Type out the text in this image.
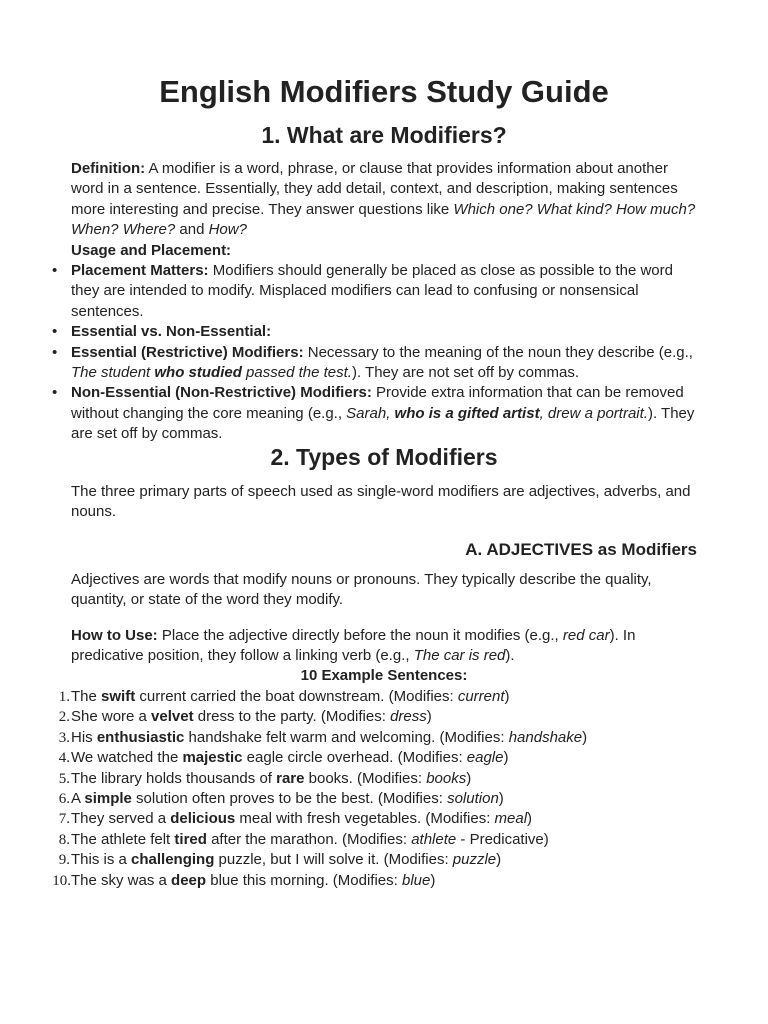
English Modifiers Study Guide
1. What are Modifiers?

Definition: A modifier is a word, phrase, or clause that provides information about another word in a sentence. Essentially, they add detail, context, and description, making sentences more interesting and precise. They answer questions like Which one? What kind? How much? When? Where? and How?

Usage and Placement:

• Placement Matters: Modifiers should generally be placed as close as possible to the word they are intended to modify. Misplaced modifiers can lead to confusing or nonsensical sentences.
• Essential vs. Non-Essential:
• Essential (Restrictive) Modifiers: Necessary to the meaning of the noun they describe (e.g., The student who studied passed the test.). They are not set off by commas.
• Non-Essential (Non-Restrictive) Modifiers: Provide extra information that can be removed without changing the core meaning (e.g., Sarah, who is a gifted artist, drew a portrait.). They are set off by commas.
2. Types of Modifiers

The three primary parts of speech used as single-word modifiers are adjectives, adverbs, and nouns.

A. ADJECTIVES as Modifiers

Adjectives are words that modify nouns or pronouns. They typically describe the quality, quantity, or state of the word they modify.

How to Use: Place the adjective directly before the noun it modifies (e.g., red car). In predicative position, they follow a linking verb (e.g., The car is red).

10 Example Sentences:

1. The swift current carried the boat downstream. (Modifies: current)
2. She wore a velvet dress to the party. (Modifies: dress)
3. His enthusiastic handshake felt warm and welcoming. (Modifies: handshake)
4. We watched the majestic eagle circle overhead. (Modifies: eagle)
5. The library holds thousands of rare books. (Modifies: books)
6. A simple solution often proves to be the best. (Modifies: solution)
7. They served a delicious meal with fresh vegetables. (Modifies: meal)
8. The athlete felt tired after the marathon. (Modifies: athlete - Predicative)
9. This is a challenging puzzle, but I will solve it. (Modifies: puzzle)
10. The sky was a deep blue this morning. (Modifies: blue)
